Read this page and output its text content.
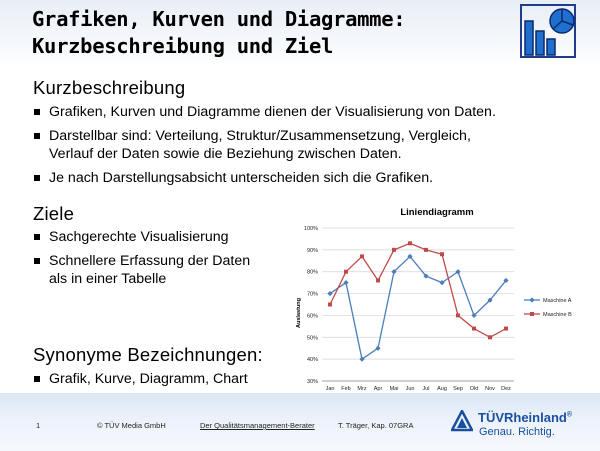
Grafiken, Kurven und Diagramme:
Kurzbeschreibung und Ziel
Kurzbeschreibung
Grafiken, Kurven und Diagramme dienen der Visualisierung von Daten.
Darstellbar sind: Verteilung, Struktur/Zusammensetzung, Vergleich,
Verlauf der Daten sowie die Beziehung zwischen Daten.
Je nach Darstellungsabsicht unterscheiden sich die Grafiken.
Ziele
Sachgerechte Visualisierung
Schnellere Erfassung der Daten
als in einer Tabelle
Synonyme Bezeichnungen:
Grafik, Kurve, Diagramm, Chart
Liniendiagramm
Auslastung
30%
40%
50%
60%
70%
80%
90%
100%
Jan Feb Mrz Apr Mai Jun Jul Aug Sep Okt Nov Dez
Maschine A
Maschine B
1	© TÜV Media GmbH	Der Qualitätsmanagement-Berater	T. Träger, Kap. 07GRA
TÜVRheinland®
Genau. Richtig.
